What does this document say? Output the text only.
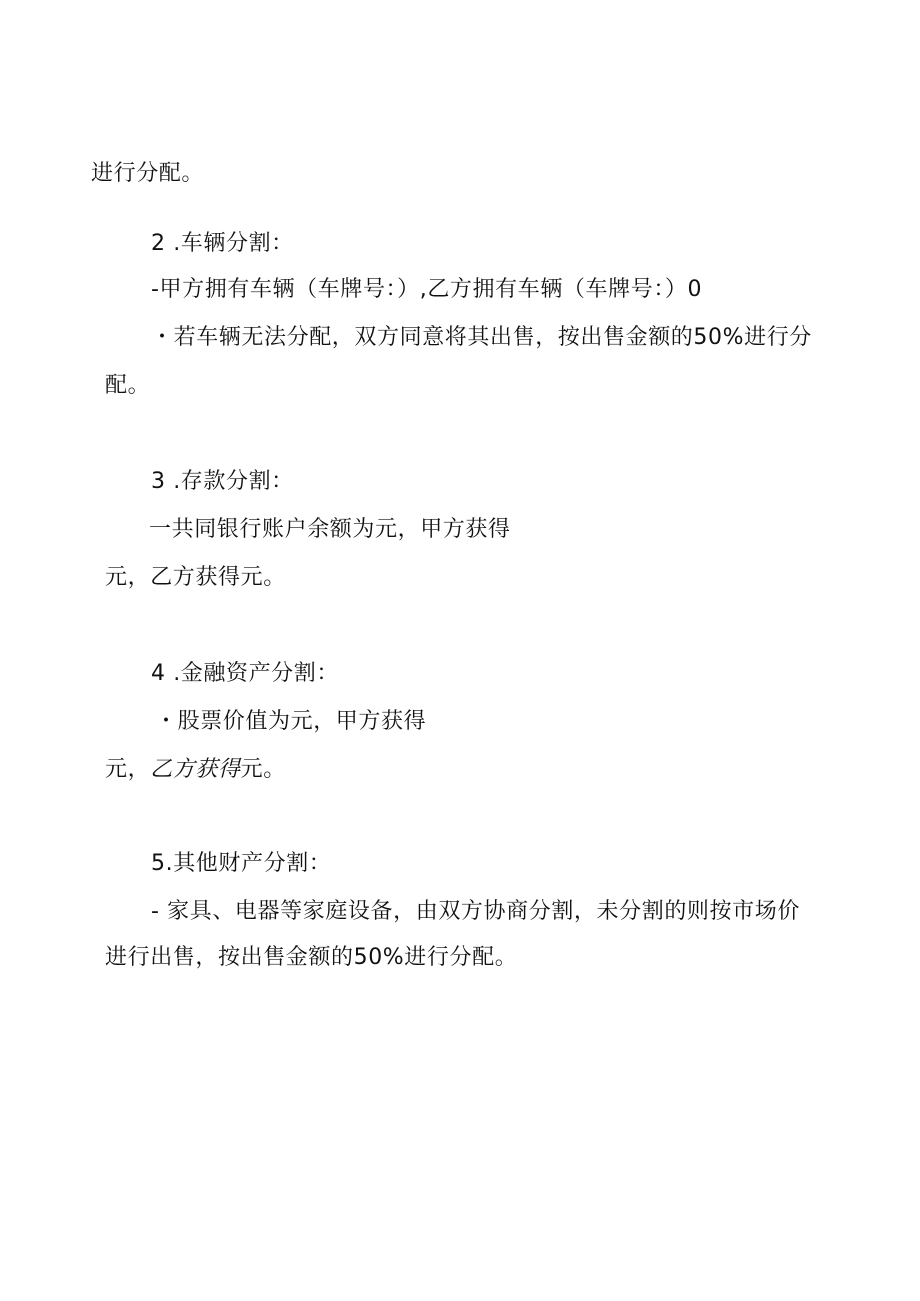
进行分配。
2 .车辆分割：
-甲方拥有车辆（车牌号：）,乙方拥有车辆（车牌号：）0
・若车辆无法分配，双方同意将其出售，按出售金额的50%进行分
配。
3 .存款分割：
一共同银行账户余额为元，甲方获得
元，乙方获得元。
4 .金融资产分割：
・股票价值为元，甲方获得
元，乙方获得元。
5.其他财产分割：
- 家具、电器等家庭设备，由双方协商分割，未分割的则按市场价
进行出售，按出售金额的50%进行分配。
